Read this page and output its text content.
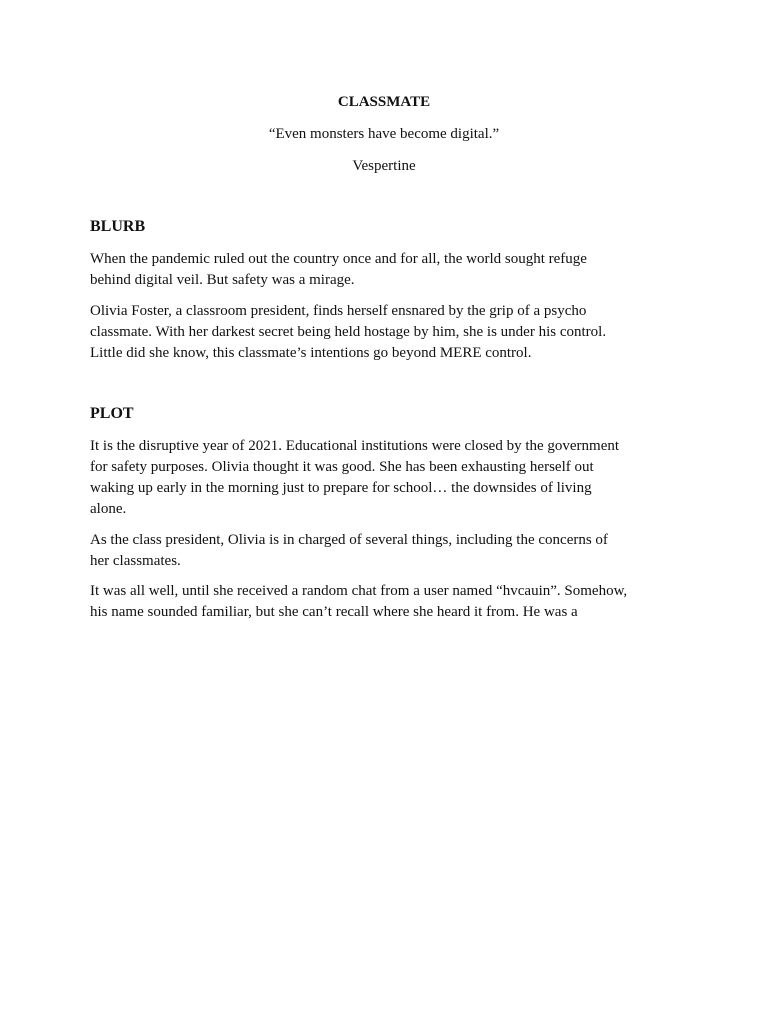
CLASSMATE
“Even monsters have become digital.”
Vespertine
BLURB

When the pandemic ruled out the country once and for all, the world sought refuge
behind digital veil. But safety was a mirage.

Olivia Foster, a classroom president, finds herself ensnared by the grip of a psycho
classmate. With her darkest secret being held hostage by him, she is under his control.
Little did she know, this classmate’s intentions go beyond MERE control.

PLOT

It is the disruptive year of 2021. Educational institutions were closed by the government
for safety purposes. Olivia thought it was good. She has been exhausting herself out
waking up early in the morning just to prepare for school… the downsides of living
alone.

As the class president, Olivia is in charged of several things, including the concerns of
her classmates.

It was all well, until she received a random chat from a user named “hvcauin”. Somehow,
his name sounded familiar, but she can’t recall where she heard it from. He was a
